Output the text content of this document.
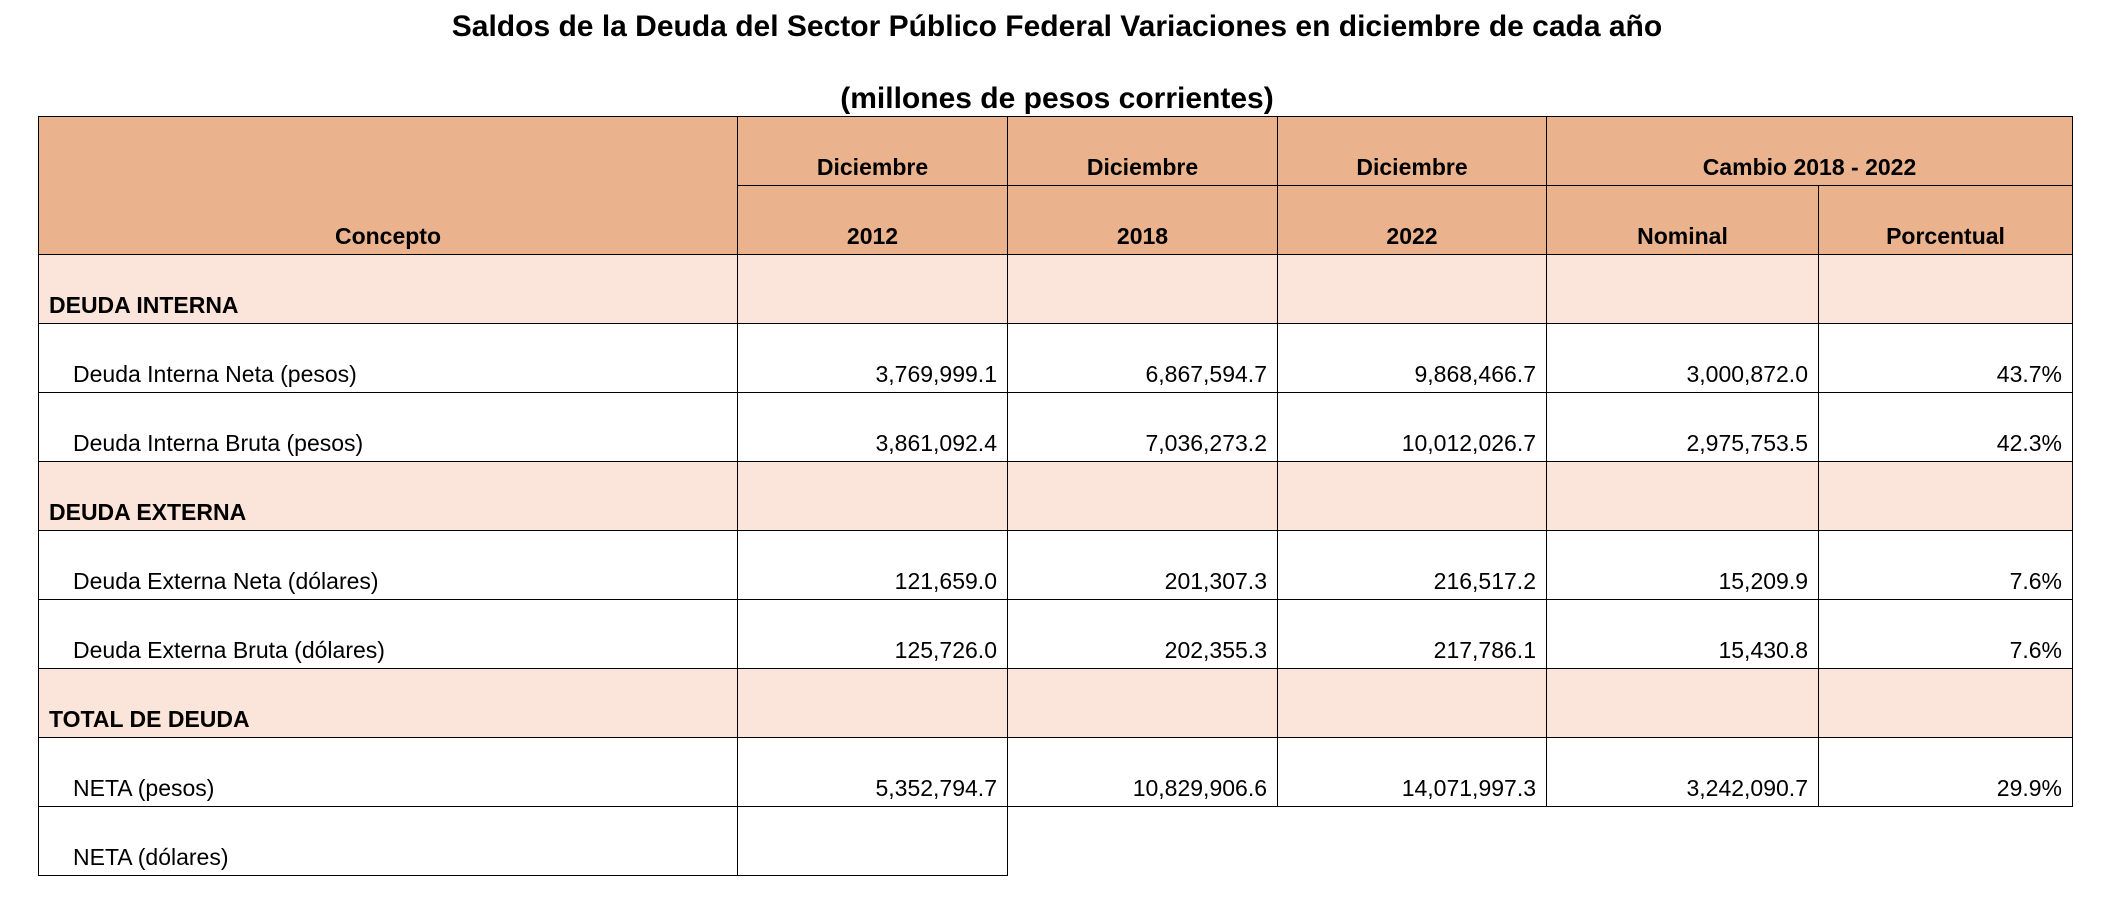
Saldos de la Deuda del Sector Público Federal Variaciones en diciembre de cada año
(millones de pesos corrientes)
Concepto	Diciembre	Diciembre	Diciembre	Cambio 2018 - 2022	
	2012	2018	2022	Nominal	Porcentual
DEUDA INTERNA					
Deuda Interna Neta (pesos)	3,769,999.1	6,867,594.7	9,868,466.7	3,000,872.0	43.7%
Deuda Interna Bruta (pesos)	3,861,092.4	7,036,273.2	10,012,026.7	2,975,753.5	42.3%
DEUDA EXTERNA					
Deuda Externa Neta (dólares)	121,659.0	201,307.3	216,517.2	15,209.9	7.6%
Deuda Externa Bruta (dólares)	125,726.0	202,355.3	217,786.1	15,430.8	7.6%
TOTAL DE DEUDA					
NETA (pesos)	5,352,794.7	10,829,906.6	14,071,997.3	3,242,090.7	29.9%
NETA (dólares)					
